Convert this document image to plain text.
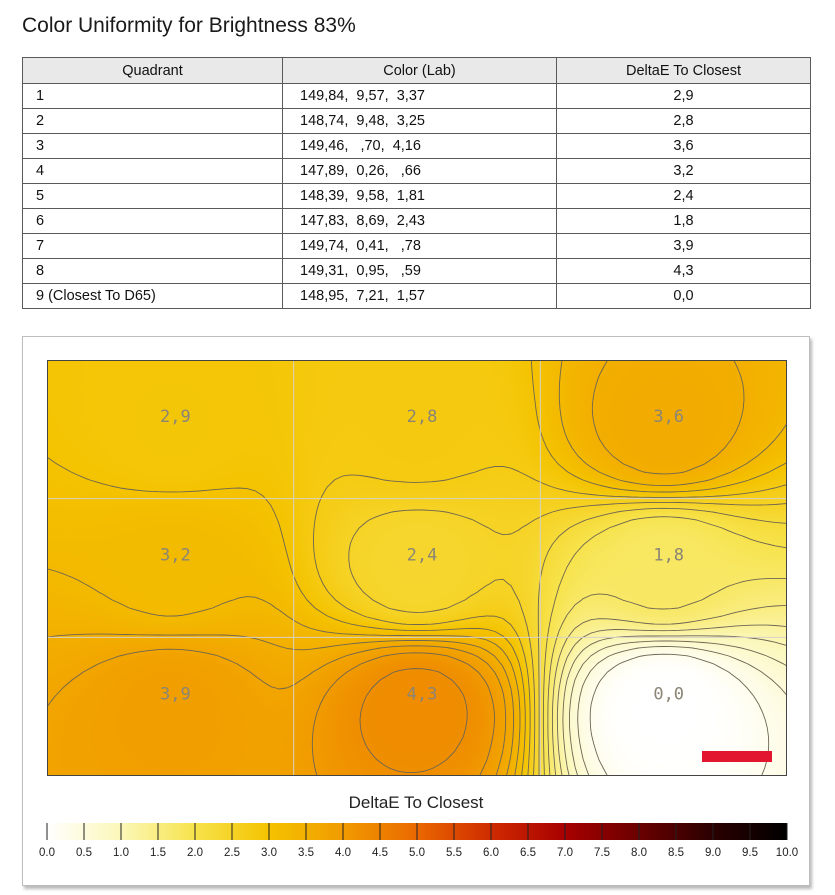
Color Uniformity for Brightness 83%
Quadrant	Color (Lab)	DeltaE To Closest
1	149,84,  9,57,  3,37	2,9
2	148,74,  9,48,  3,25	2,8
3	149,46,   ,70,  4,16	3,6
4	147,89,  0,26,   ,66	3,2
5	148,39,  9,58,  1,81	2,4
6	147,83,  8,69,  2,43	1,8
7	149,74,  0,41,   ,78	3,9
8	149,31,  0,95,   ,59	4,3
9 (Closest To D65)	148,95,  7,21,  1,57	0,0
2,9	2,8	3,6
3,2	2,4	1,8
3,9	4,3	0,0
DeltaE To Closest
0.0 0.5 1.0 1.5 2.0 2.5 3.0 3.5 4.0 4.5 5.0 5.5 6.0 6.5 7.0 7.5 8.0 8.5 9.0 9.5 10.0
